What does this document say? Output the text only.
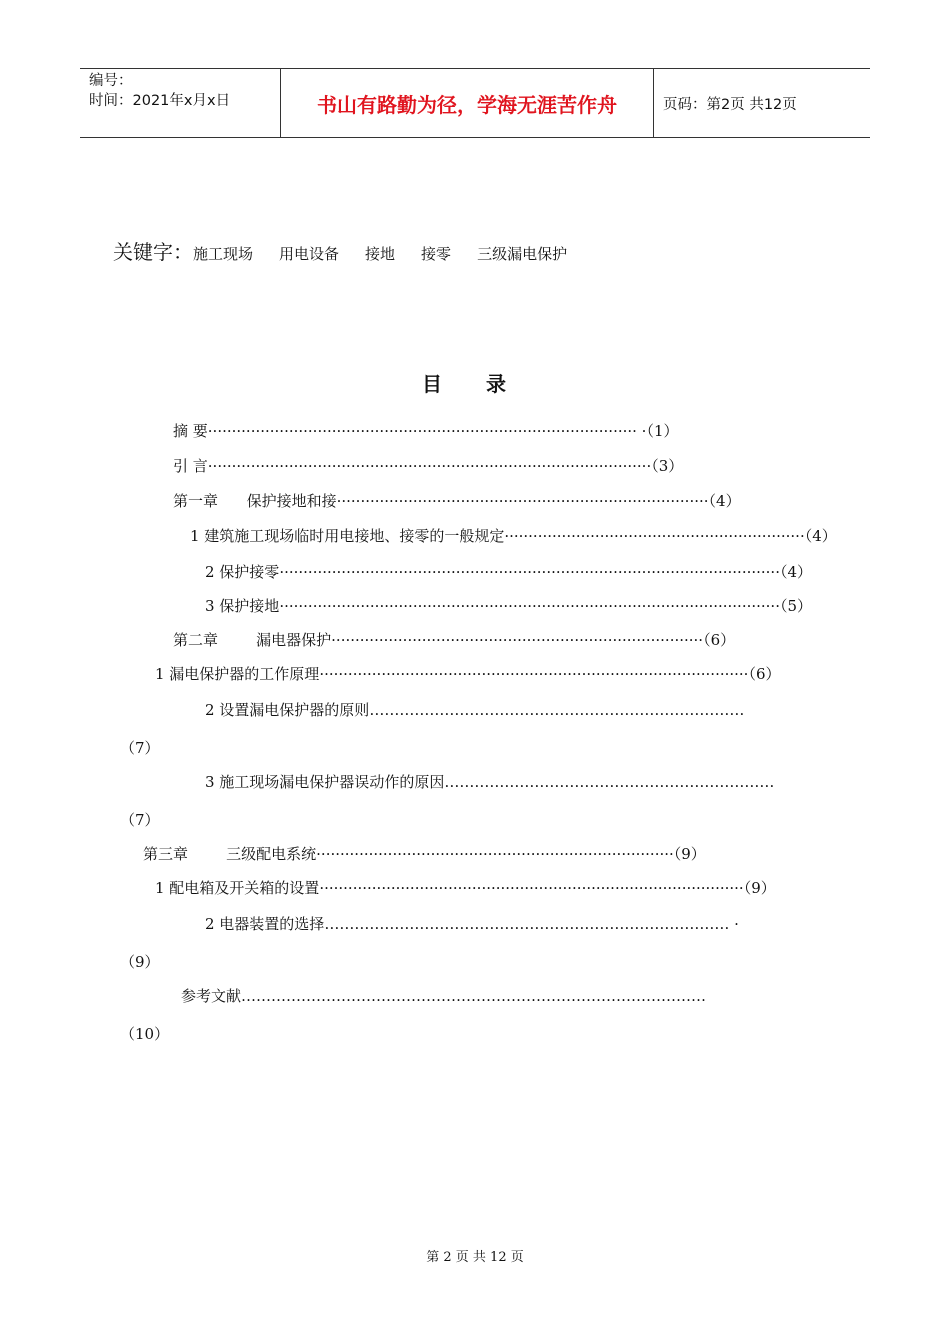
编号：
时间：2021年x月x日	书山有路勤为径，学海无涯苦作舟	页码：第2页 共12页
关键字： 施工现场 用电设备 接地 接零 三级漏电保护
目录
摘 要·························································································· ·（1）
引 言·····························································································（3）
第一章      保护接地和接··············································································（4）
1 建筑施工现场临时用电接地、接零的一般规定·······························································（4）
2 保护接零·········································································································（4）
3 保护接地·········································································································（5）
第二章        漏电器保护··············································································（6）
1 漏电保护器的工作原理··························································································（6）
2 设置漏电保护器的原则…………………………………………………………………
（7）
3 施工现场漏电保护器误动作的原因…………………………………………………………
（7）
第三章        三级配电系统···········································································（9）
1 配电箱及开关箱的设置·························································································（9）
2 电器装置的选择……………………………………………………………………… ·
（9）
参考文献…………………………………………………………………………………
（10）
第 2 页 共 12 页
